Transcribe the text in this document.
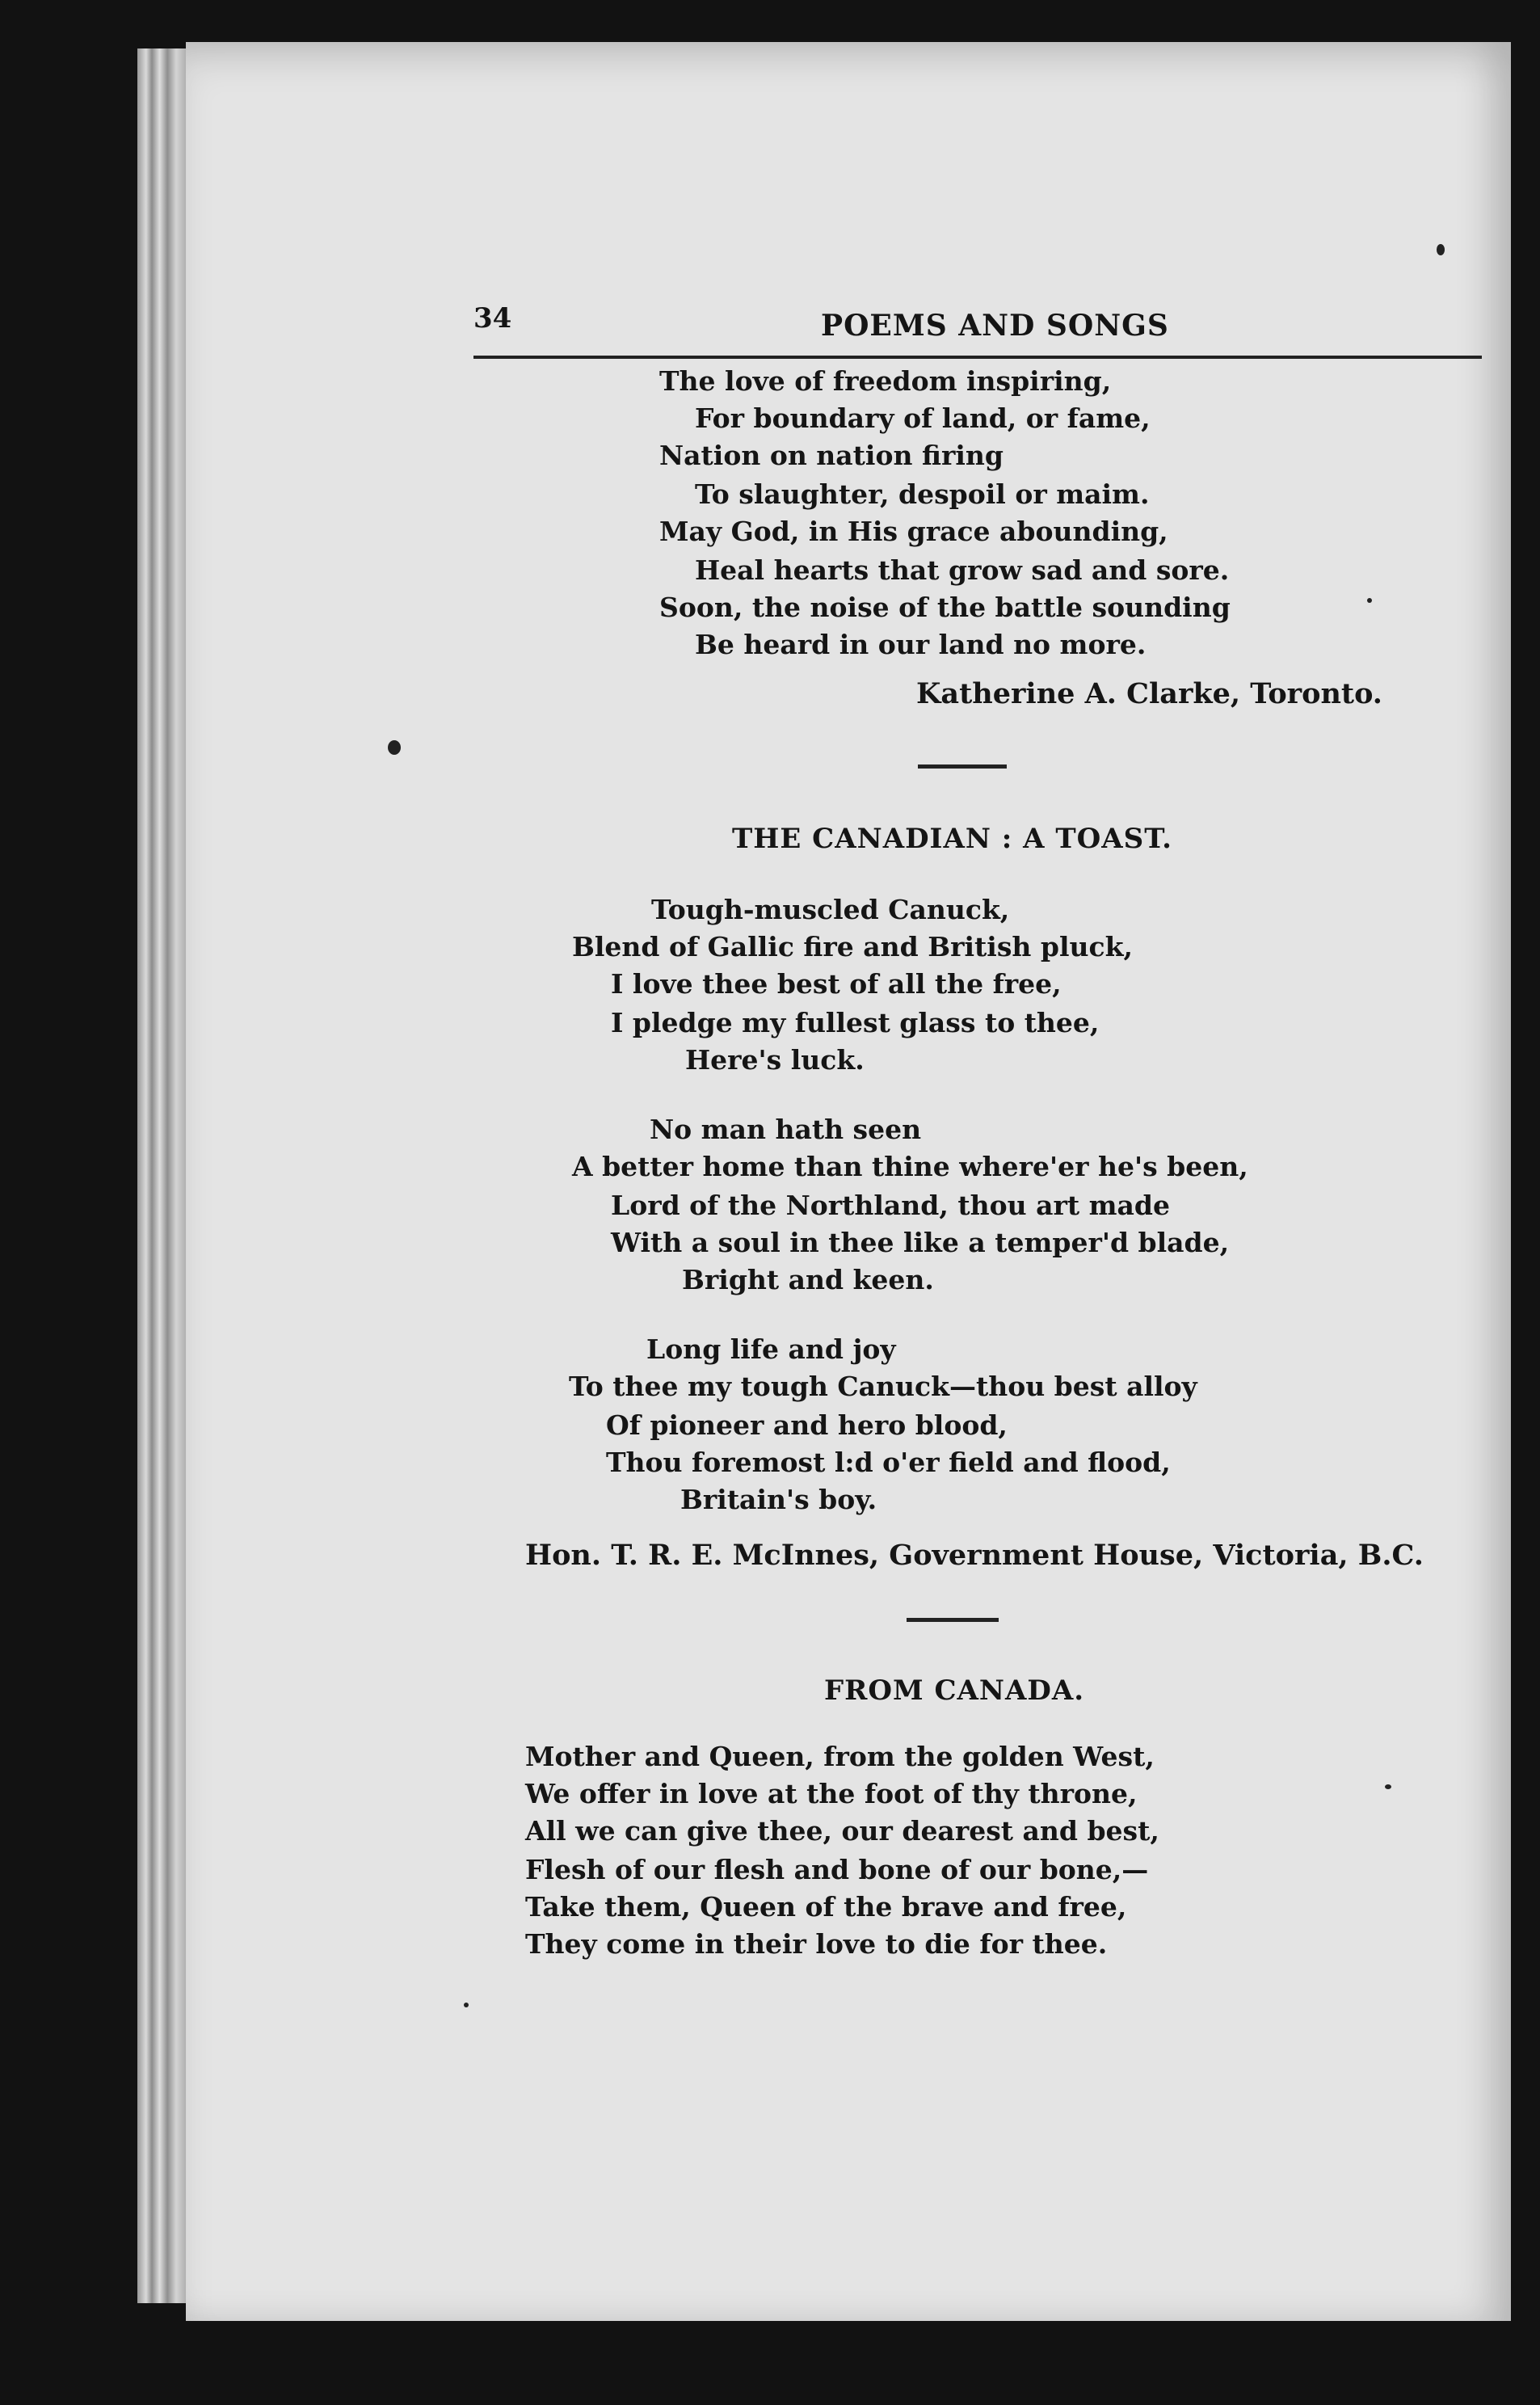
34	POEMS AND SONGS
The love of freedom inspiring,
For boundary of land, or fame,
Nation on nation firing
To slaughter, despoil or maim.
May God, in His grace abounding,
Heal hearts that grow sad and sore.
Soon, the noise of the battle sounding
Be heard in our land no more.
Katherine A. Clarke, Toronto.
THE CANADIAN : A TOAST.
Tough-muscled Canuck,
Blend of Gallic fire and British pluck,
I love thee best of all the free,
I pledge my fullest glass to thee,
Here's luck.
No man hath seen
A better home than thine where'er he's been,
Lord of the Northland, thou art made
With a soul in thee like a temper'd blade,
Bright and keen.
Long life and joy
To thee my tough Canuck—thou best alloy
Of pioneer and hero blood,
Thou foremost l:d o'er field and flood,
Britain's boy.
Hon. T. R. E. McInnes, Government House, Victoria, B.C.
FROM CANADA.
Mother and Queen, from the golden West,
We offer in love at the foot of thy throne,
All we can give thee, our dearest and best,
Flesh of our flesh and bone of our bone,—
Take them, Queen of the brave and free,
They come in their love to die for thee.
